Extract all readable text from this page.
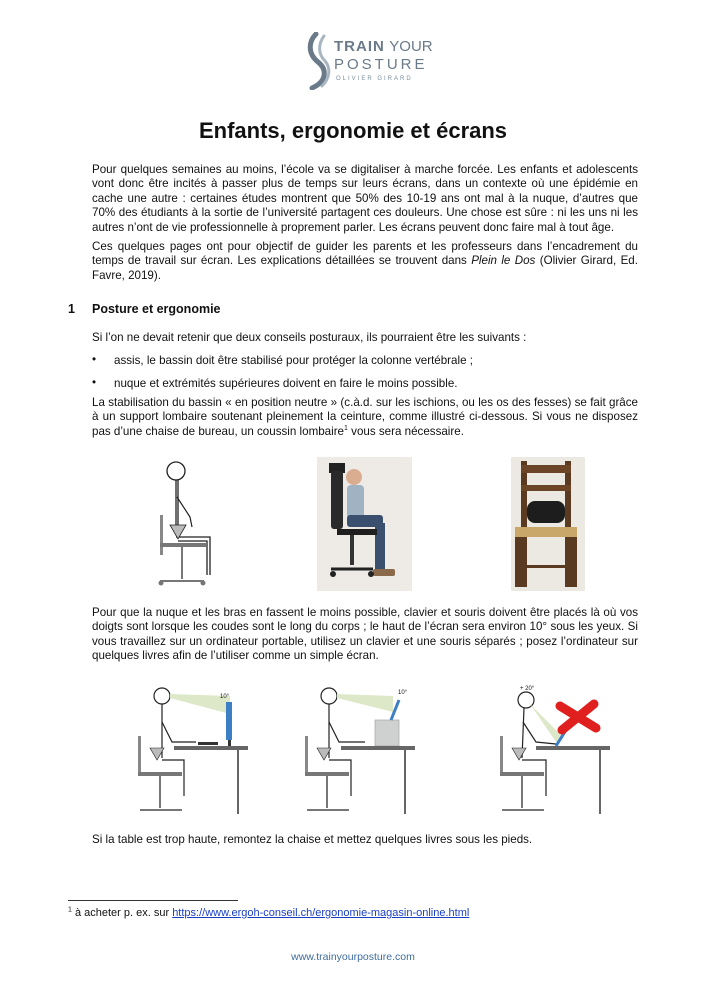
TRAIN YOUR
POSTURE
OLIVIER GIRARD
Enfants, ergonomie et écrans

Pour quelques semaines au moins, l’école va se digitaliser à marche forcée. Les enfants et adolescents vont donc être incités à passer plus de temps sur leurs écrans, dans un contexte où une épidémie en cache une autre : certaines études montrent que 50% des 10-19 ans ont mal à la nuque, d’autres que 70% des étudiants à la sortie de l’université partagent ces douleurs. Une chose est sûre : ni les uns ni les autres n’ont de vie professionnelle à proprement parler. Les écrans peuvent donc faire mal à tout âge.

Ces quelques pages ont pour objectif de guider les parents et les professeurs dans l’encadrement du temps de travail sur écran. Les explications détaillées se trouvent dans Plein le Dos (Olivier Girard, Ed. Favre, 2019).

1 Posture et ergonomie

Si l’on ne devait retenir que deux conseils posturaux, ils pourraient être les suivants :

• assis, le bassin doit être stabilisé pour protéger la colonne vertébrale ;
• nuque et extrémités supérieures doivent en faire le moins possible.

La stabilisation du bassin « en position neutre » (c.à.d. sur les ischions, ou les os des fesses) se fait grâce à un support lombaire soutenant pleinement la ceinture, comme illustré ci-dessous. Si vous ne disposez pas d’une chaise de bureau, un coussin lombaire$^1$ vous sera nécessaire.

Pour que la nuque et les bras en fassent le moins possible, clavier et souris doivent être placés là où vos doigts sont lorsque les coudes sont le long du corps ; le haut de l’écran sera environ 10° sous les yeux. Si vous travaillez sur un ordinateur portable, utilisez un clavier et une souris séparés ; posez l’ordinateur sur quelques livres afin de l’utiliser comme un simple écran.

10°
10°
+ 20°

Si la table est trop haute, remontez la chaise et mettez quelques livres sous les pieds.

$^1$ à acheter p. ex. sur https://www.ergoh-conseil.ch/ergonomie-magasin-online.html
www.trainyourposture.com
